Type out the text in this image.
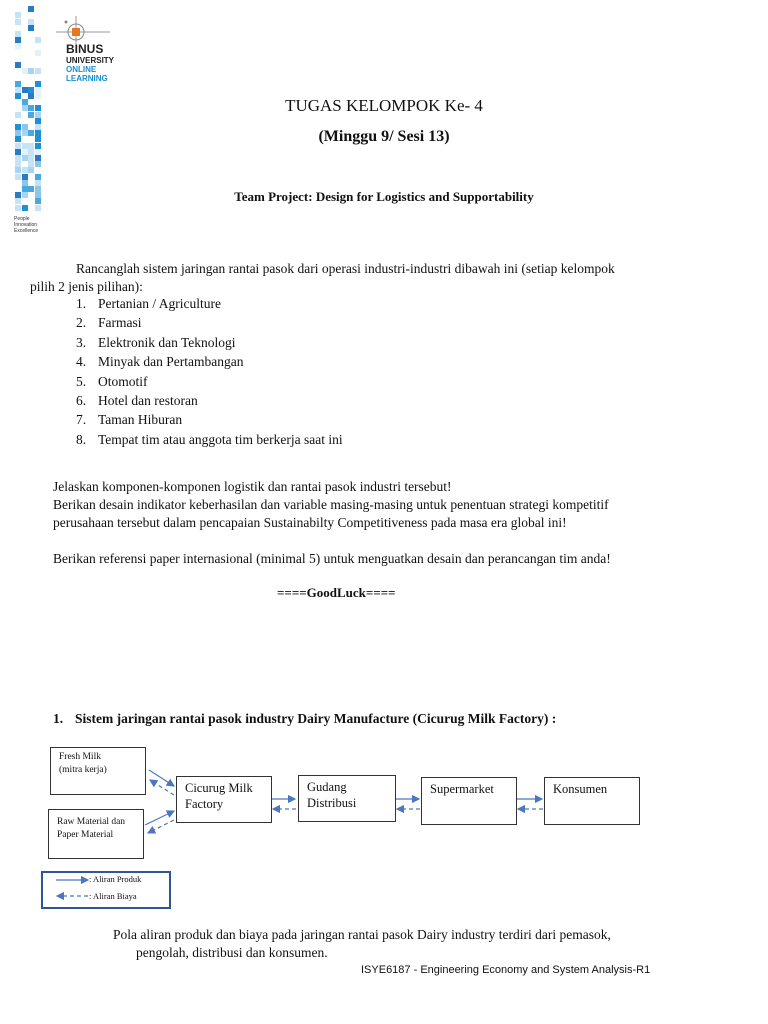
People
Innovation
Excellence
BINUS
UNIVERSITY
ONLINE
LEARNING
TUGAS KELOMPOK Ke- 4
(Minggu 9/ Sesi 13)
Team Project: Design for Logistics and Supportability
Rancanglah sistem jaringan rantai pasok dari operasi industri-industri dibawah ini (setiap kelompok
pilih 2 jenis pilihan):
1. Pertanian / Agriculture
2. Farmasi
3. Elektronik dan Teknologi
4. Minyak dan Pertambangan
5. Otomotif
6. Hotel dan restoran
7. Taman Hiburan
8. Tempat tim atau anggota tim berkerja saat ini
Jelaskan komponen-komponen logistik dan rantai pasok industri tersebut!
Berikan desain indikator keberhasilan dan variable masing-masing untuk penentuan strategi kompetitif
perusahaan tersebut dalam pencapaian Sustainabilty Competitiveness pada masa era global ini!
Berikan referensi paper internasional (minimal 5) untuk menguatkan desain dan perancangan tim anda!
====GoodLuck====
1. Sistem jaringan rantai pasok industry Dairy Manufacture (Cicurug Milk Factory) :
Fresh Milk
(mitra kerja)
Raw Material dan
Paper Material
Cicurug Milk
Factory
Gudang
Distribusi
Supermarket	Konsumen
: Aliran Produk
: Aliran Biaya
Pola aliran produk dan biaya pada jaringan rantai pasok Dairy industry terdiri dari pemasok,
pengolah, distribusi dan konsumen.
ISYE6187 - Engineering Economy and System Analysis-R1
